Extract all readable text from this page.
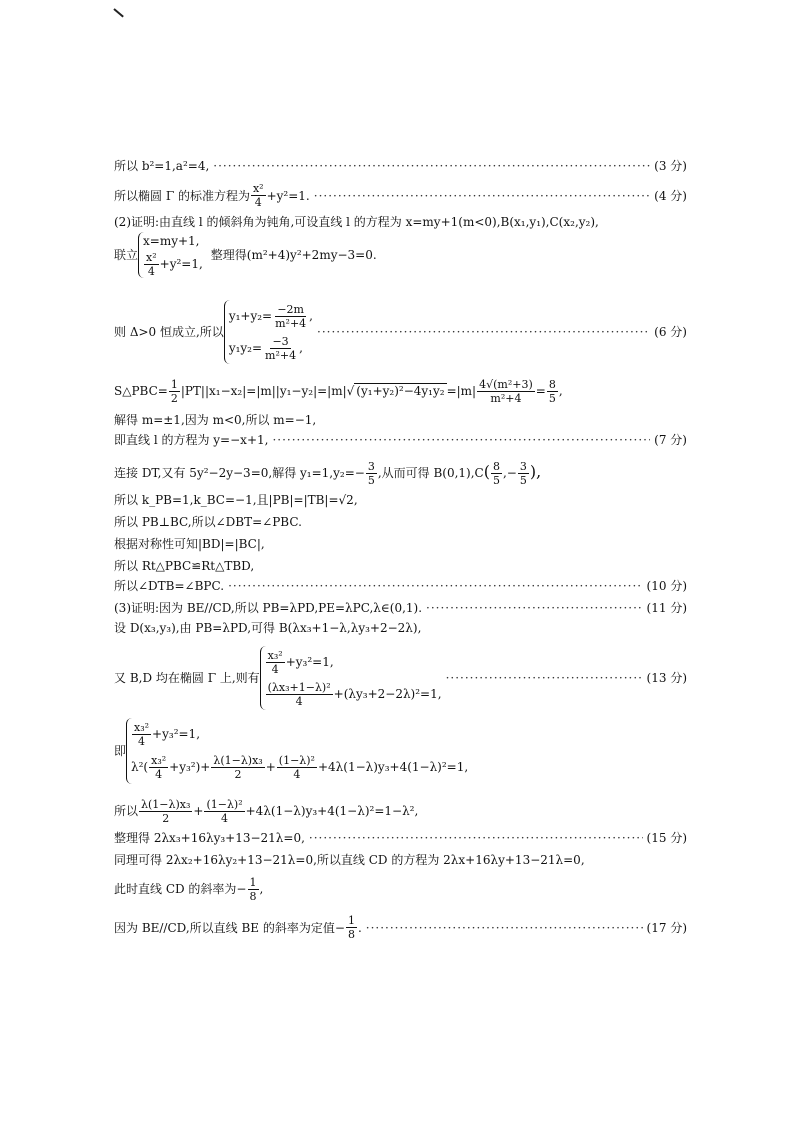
所以 b²=1,a²=4, ·····	(3 分)
所以椭圆 Γ 的标准方程为 $\frac{\text{x²}}{4} +y^2=1$. ·····	(4 分)
(2)证明:由直线 l 的倾斜角为钝角,可设直线 l 的方程为 x=my+1(m<0),B(x₁,y₁),C(x₂,y₂),
联立
x=my+1,
$\frac{\text{x²}}{4} +y^2=1$,
整理得(m²+4)y²+2my−3=0.
则 Δ>0 恒成立,所以
$y_1+y_2= \frac{-2m}{\text{m²+4}}$ ,
$y_1y_2= \frac{-3}{\text{m²+4}}$ ,
·····
(6 分)
S△PBC= $\frac{1}{2} |PT||x_1-x_2|=|m||y_1-y_2|=|m|√$ $(y_1+y_2)^2-4y_1y_2 =|m| \frac{\text{4√(m²+3)}}{\text{m²+4}} = \frac{8}{5}$ ,
解得 m=±1,因为 m<0,所以 m=−1,
即直线 l 的方程为 y=−x+1, ·····	(7 分)
连接 DT,又有 5y²−2y−3=0,解得 $y_1=1,y_2=- \frac{3}{5}$ ,从而可得 $B(0,1),C( \frac{8}{5}$ ,− $\frac{3}{5}$ ),
所以 k_PB=1,k_BC=−1,且|PB|=|TB|=√2,
所以 PB⊥BC,所以∠DBT=∠PBC.
根据对称性可知|BD|=|BC|,
所以 Rt△PBC≌Rt△TBD,
所以∠DTB=∠BPC. ·····	(10 分)
(3)证明:因为 BE//CD,所以 PB=λPD,PE=λPC,λ∈(0,1). ·····	(11 分)
设 D(x₃,y₃),由 PB=λPD,可得 B(λx₃+1−λ,λy₃+2−2λ),
又 B,D 均在椭圆 Γ 上,则有
$\frac{\text{x₃²}}{4} +y_3^2=1$,
$\frac{\text{(λx₃+1−λ)²}}{4} +(\lambda y_3+2-2\lambda)^2=1$,
·····
(13 分)
即
$\frac{\text{x₃²}}{4} +y_3^2=1$,
$\lambda^2( \frac{\text{x₃²}}{4} +y_3^2)+ \frac{\text{λ(1−λ)x₃}}{2} + \frac{\text{(1−λ)²}}{4} +4\lambda(1-\lambda)y_3+4(1-\lambda)^2=1$,
所以 $\frac{\text{λ(1−λ)x₃}}{2} + \frac{\text{(1−λ)²}}{4} +4\lambda(1-\lambda)y_3+4(1-\lambda)^2=1-\lambda^2$,
整理得 2λx₃+16λy₃+13−21λ=0, ·····	(15 分)
同理可得 2λx₂+16λy₂+13−21λ=0,所以直线 CD 的方程为 2λx+16λy+13−21λ=0,
此时直线 CD 的斜率为− $\frac{1}{8}$ ,
因为 BE//CD,所以直线 BE 的斜率为定值− $\frac{1}{8}$ . ·····	(17 分)
